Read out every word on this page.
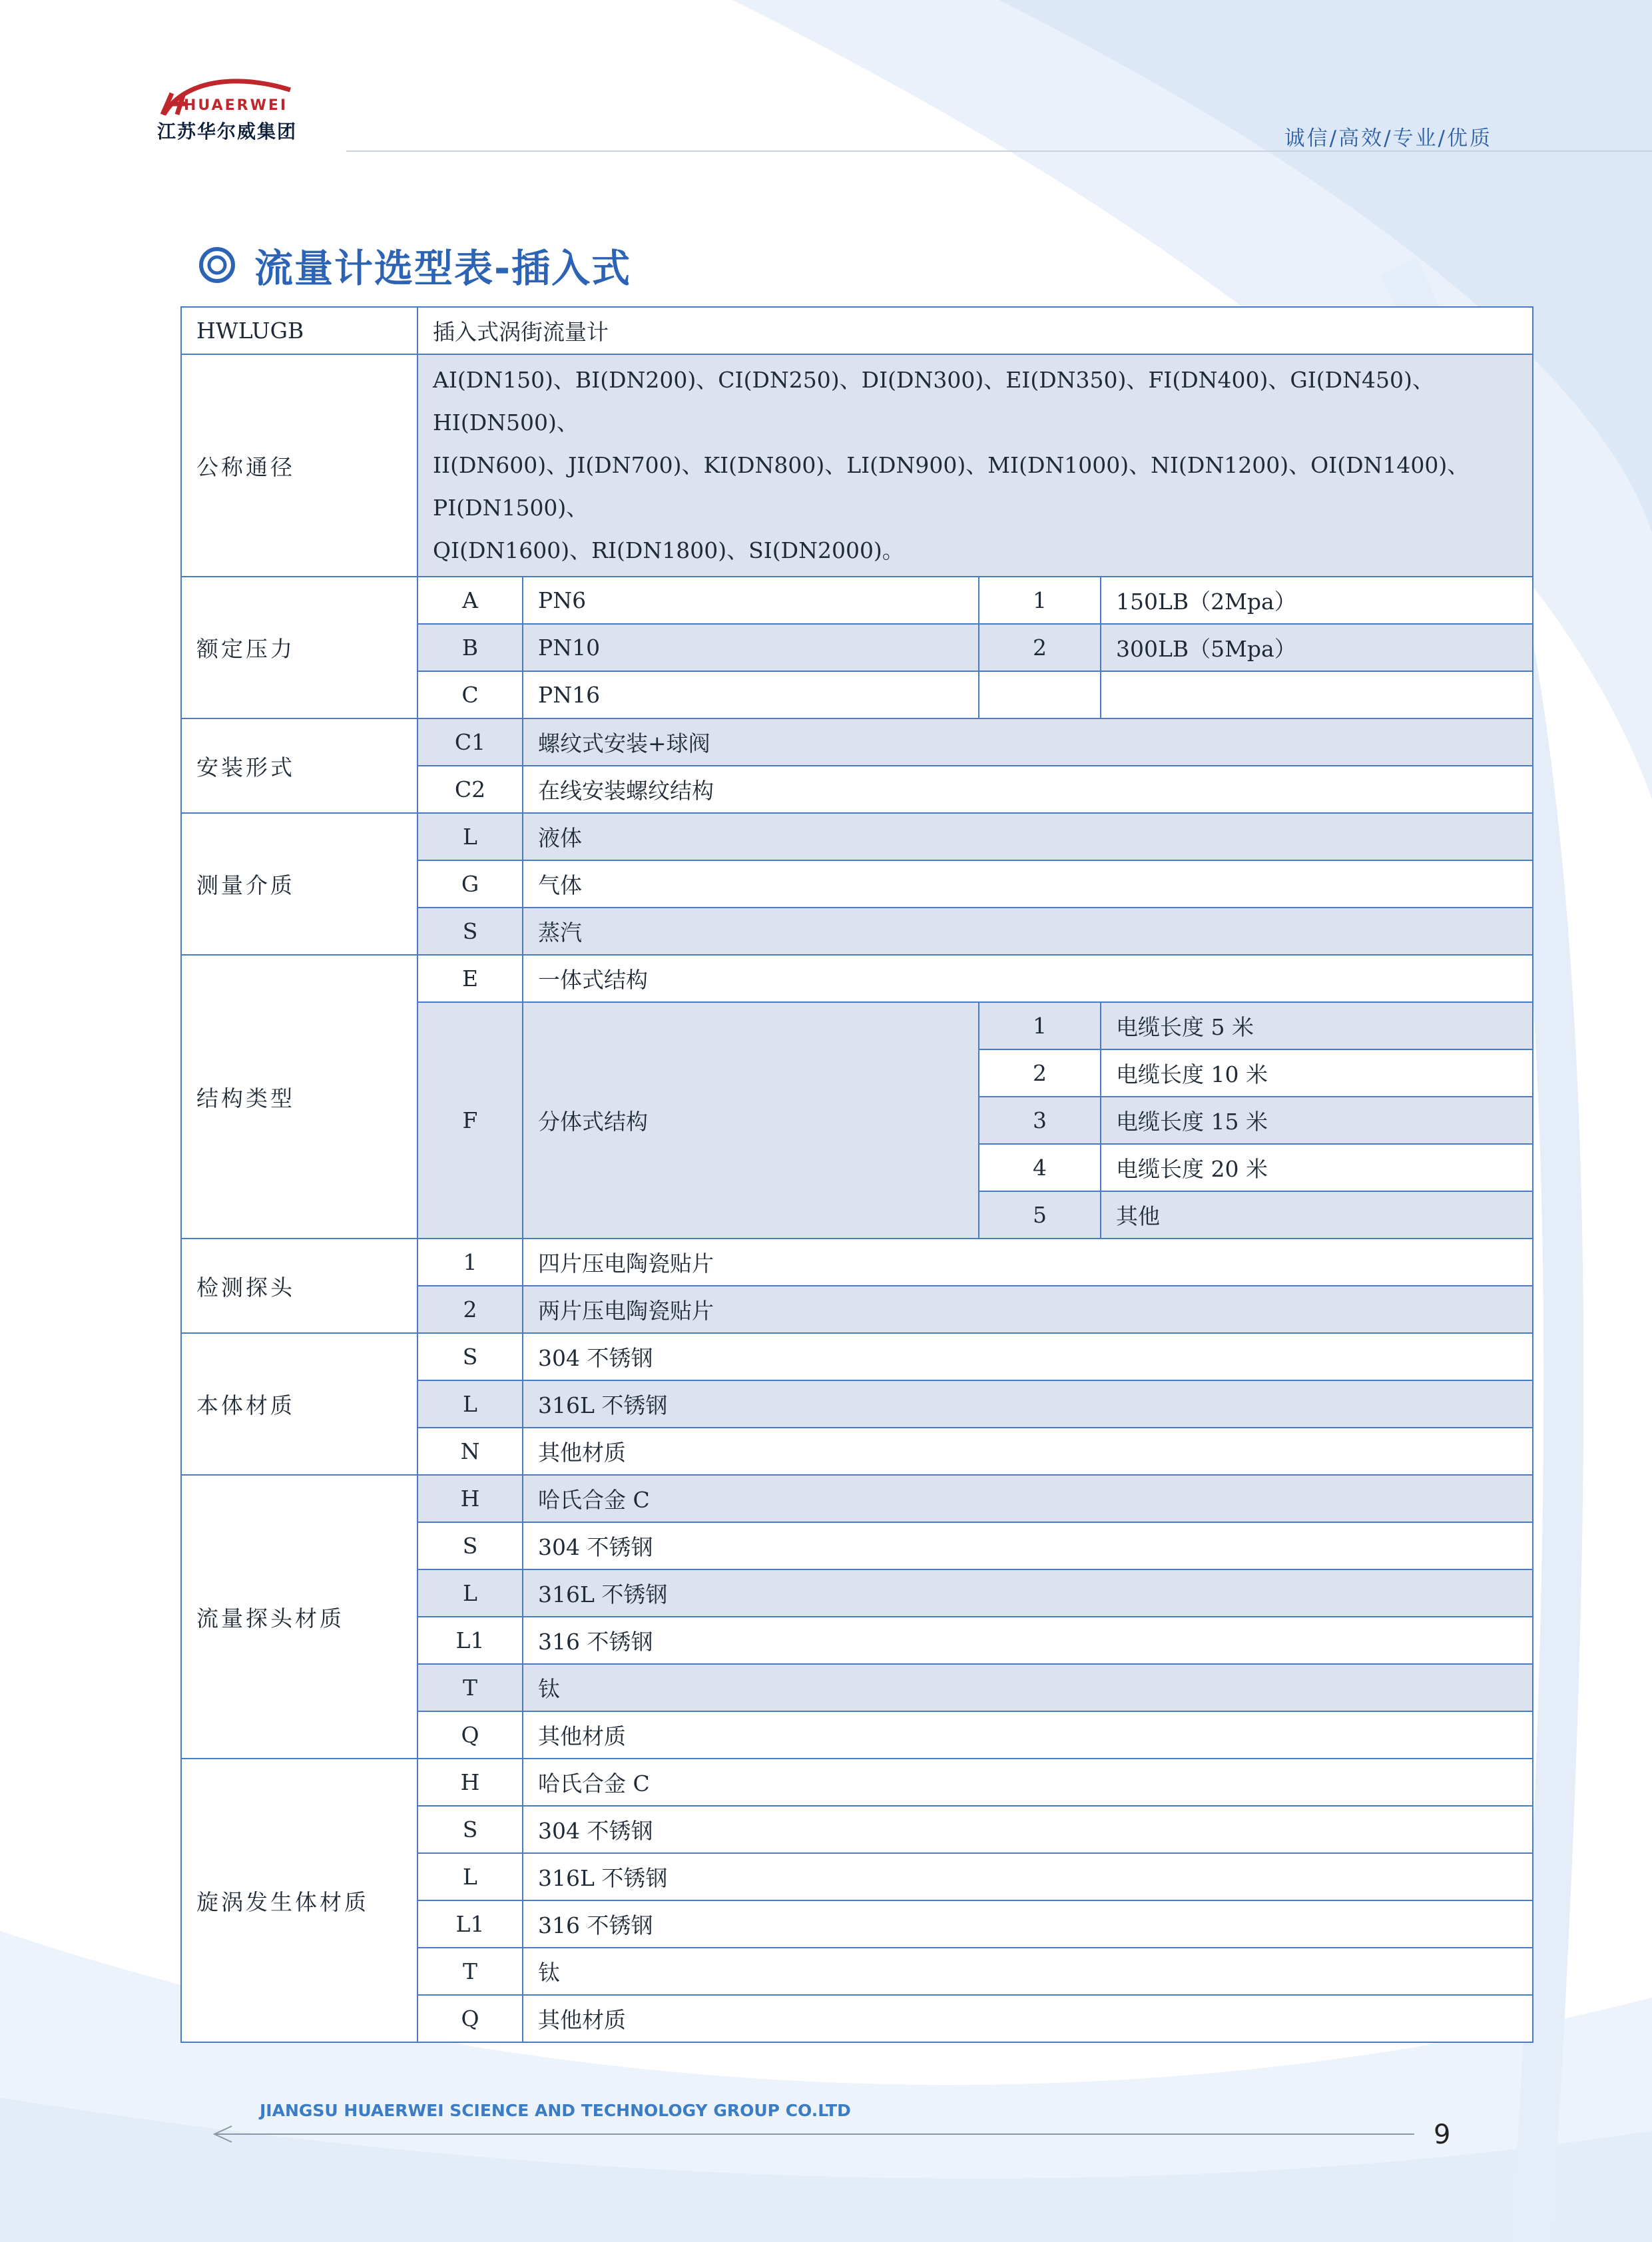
HUAERWEI
江苏华尔威集团	诚信/高效/专业/优质
流量计选型表-插入式
HWLUGB	插入式涡街流量计			
公称通径	AI(DN150)、BI(DN200)、CI(DN250)、DI(DN300)、EI(DN350)、FI(DN400)、GI(DN450)、 HI(DN500)、
II(DN600)、JI(DN700)、KI(DN800)、LI(DN900)、MI(DN1000)、NI(DN1200)、OI(DN1400)、PI(DN1500)、
QI(DN1600)、RI(DN1800)、SI(DN2000)。			

额定压力	A	PN6	1	150LB（2Mpa）
	B	PN10	2	300LB（5Mpa）
	C	PN16		
安装形式	C1	螺纹式安装+球阀		
	C2	在线安装螺纹结构		
测量介质	L	液体		
	G	气体		
	S	蒸汽		
结构类型	E	一体式结构		
	F	分体式结构	1	电缆长度 5 米
			2	电缆长度 10 米
			3	电缆长度 15 米
			4	电缆长度 20 米
			5	其他
检测探头	1	四片压电陶瓷贴片		
	2	两片压电陶瓷贴片		
本体材质	S	304 不锈钢		
	L	316L 不锈钢		
	N	其他材质		
流量探头材质	H	哈氏合金 C		
	S	304 不锈钢		
	L	316L 不锈钢		
	L1	316 不锈钢		
	T	钛		
	Q	其他材质		
旋涡发生体材质	H	哈氏合金 C		
	S	304 不锈钢		
	L	316L 不锈钢		
	L1	316 不锈钢		
	T	钛		
	Q	其他材质		
JIANGSU HUAERWEI SCIENCE AND TECHNOLOGY GROUP CO.LTD
9
